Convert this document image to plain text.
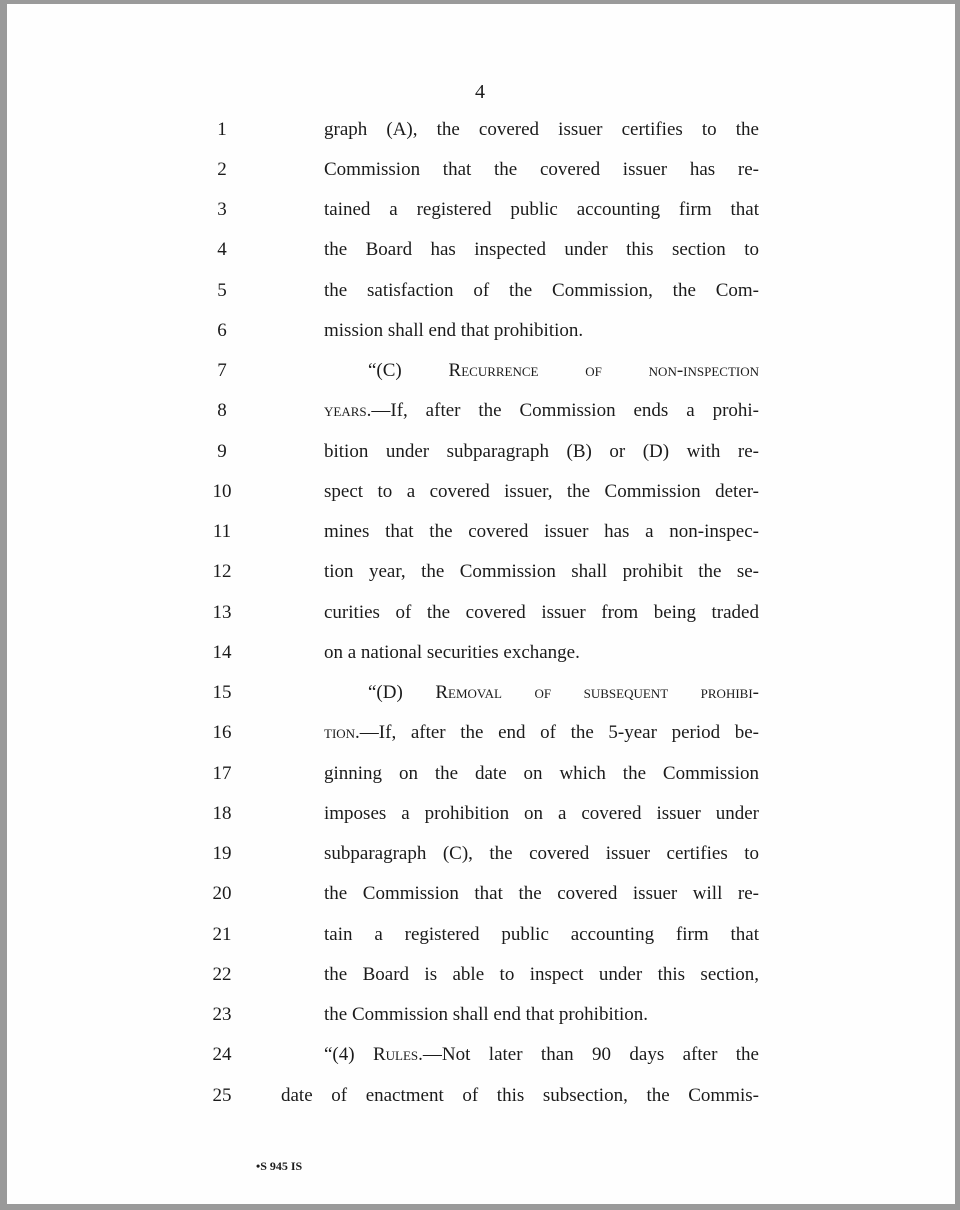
4
1
2
3
4
5
6
7
8
9
10
11
12
13
14
15
16
17
18
19
20
21
22
23
24
25
graph (A), the covered issuer certifies to the
Commission that the covered issuer has re-
tained a registered public accounting firm that
the Board has inspected under this section to
the satisfaction of the Commission, the Com-
mission shall end that prohibition.
“(C) Recurrence of non-inspection
years.—If, after the Commission ends a prohi-
bition under subparagraph (B) or (D) with re-
spect to a covered issuer, the Commission deter-
mines that the covered issuer has a non-inspec-
tion year, the Commission shall prohibit the se-
curities of the covered issuer from being traded
on a national securities exchange.
“(D) Removal of subsequent prohibi-
tion.—If, after the end of the 5-year period be-
ginning on the date on which the Commission
imposes a prohibition on a covered issuer under
subparagraph (C), the covered issuer certifies to
the Commission that the covered issuer will re-
tain a registered public accounting firm that
the Board is able to inspect under this section,
the Commission shall end that prohibition.
“(4) Rules.—Not later than 90 days after the
date of enactment of this subsection, the Commis-
•S 945 IS
